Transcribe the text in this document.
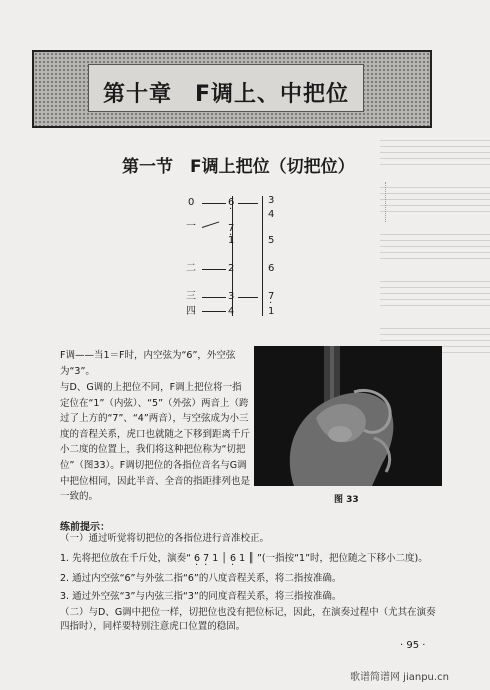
第十章　F调上、中把位
第一节　F调上把位（切把位）
0
一
二
三
四
6 ·
7 ·
1
2
3
4
3
4
5
6
7
· 1
F调——当1＝F时，内空弦为“6”，外空弦为“3”。
与D、G调的上把位不同，F调上把位将一指定位在“1”（内弦）、“5”（外弦）两音上（跨过了上方的“7”、“4”两音），与空弦成为小三度的音程关系，虎口也就随之下移到距离千斤小二度的位置上，我们将这种把位称为“切把位”（图33）。F调切把位的各指位音名与G调中把位相同，因此半音、全音的指距排列也是一致的。	图 33
练前提示：
（一）通过听觉将切把位的各指位进行音准校正。
1. 先将把位放在千斤处，演奏“ 6 · 7 · 1 │ 6 · 1 ║ ”(一指按“1”时，把位随之下移小二度)。
2. 通过内空弦“6”与外弦二指“6”的八度音程关系，将二指按准确。
3. 通过外空弦“3”与内弦三指“3”的同度音程关系，将三指按准确。
（二）与D、G调中把位一样，切把位也没有把位标记，因此，在演奏过程中（尤其在演奏四指时），同样要特别注意虎口位置的稳固。
· 95 ·
歌谱简谱网 jianpu.cn
